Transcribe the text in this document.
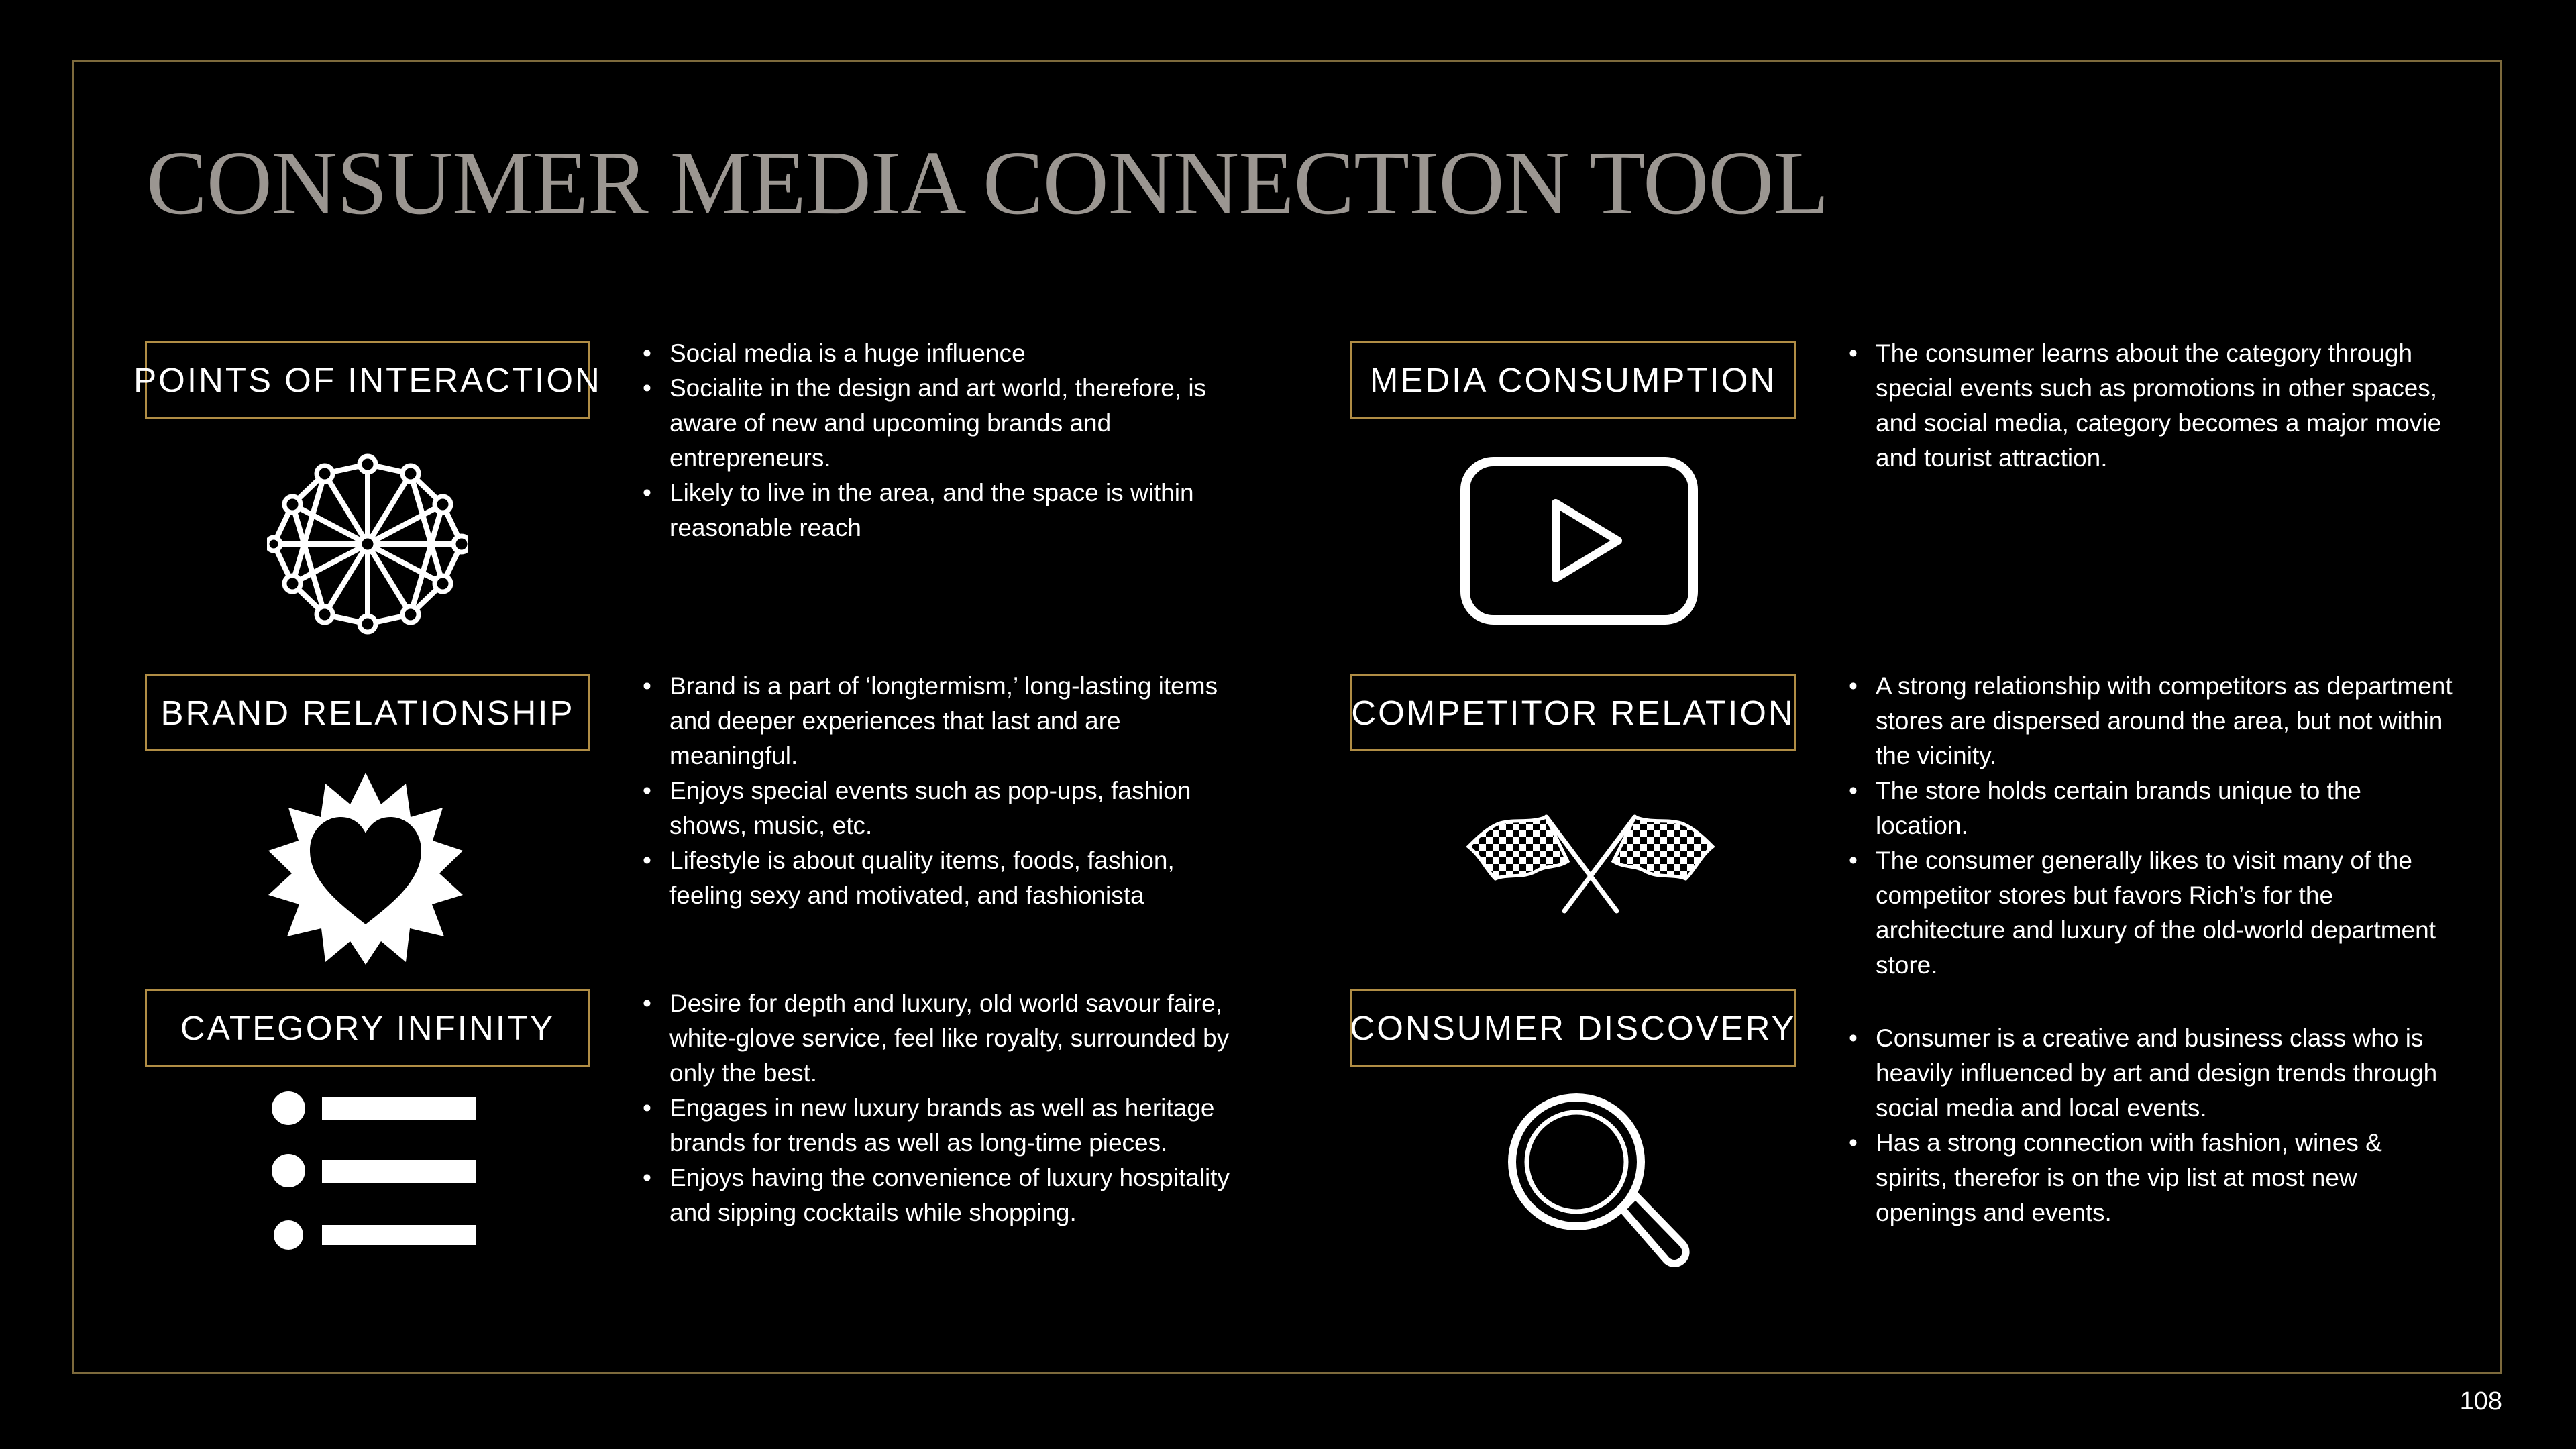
CONSUMER MEDIA CONNECTION TOOL
POINTS OF INTERACTION
• Social media is a huge influence
• Socialite in the design and art world, therefore, is aware of new and upcoming brands and entrepreneurs.
• Likely to live in the area, and the space is within reasonable reach
BRAND RELATIONSHIP
• Brand is a part of ‘longtermism,’ long-lasting items and deeper experiences that last and are meaningful.
• Enjoys special events such as pop-ups, fashion shows, music, etc.
• Lifestyle is about quality items, foods, fashion, feeling sexy and motivated, and fashionista
CATEGORY INFINITY
• Desire for depth and luxury, old world savour faire, white-glove service, feel like royalty, surrounded by only the best.
• Engages in new luxury brands as well as heritage brands for trends as well as long-time pieces.
• Enjoys having the convenience of luxury hospitality and sipping cocktails while shopping.
MEDIA CONSUMPTION
• The consumer learns about the category through special events such as promotions in other spaces, and social media, category becomes a major movie and tourist attraction.
COMPETITOR RELATION
• A strong relationship with competitors as department stores are dispersed around the area, but not within the vicinity.
• The store holds certain brands unique to the location.
• The consumer generally likes to visit many of the competitor stores but favors Rich’s for the architecture and luxury of the old-world department store.
CONSUMER DISCOVERY
•	Consumer is a creative and business class who is heavily influenced by art and design trends through social media and local events.
• Has a strong connection with fashion, wines & spirits, therefor is on the vip list at most new openings and events.
108
